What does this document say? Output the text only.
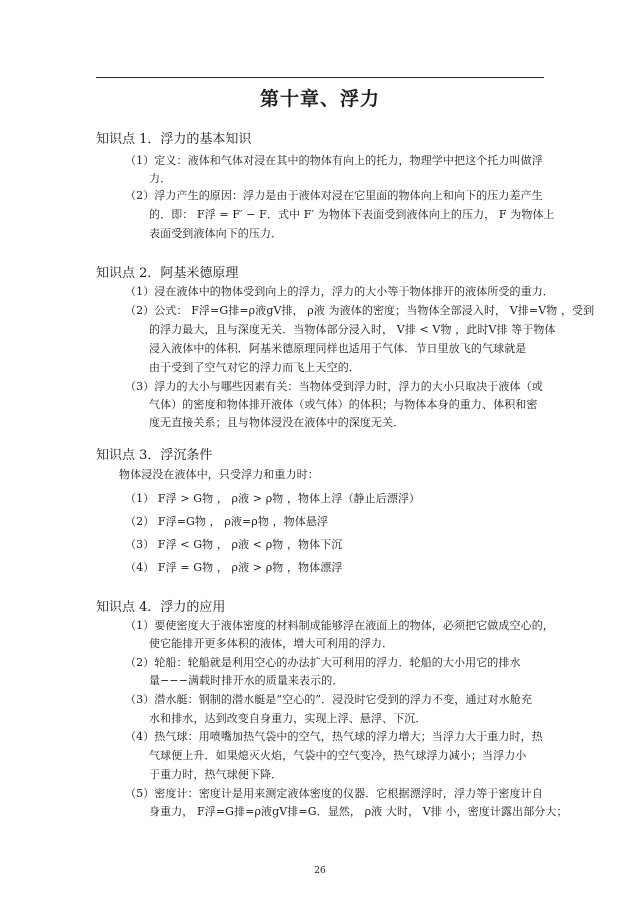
第十章、浮力
知识点 1．浮力的基本知识
（1）定义：液体和气体对浸在其中的物体有向上的托力，物理学中把这个托力叫做浮
力．
（2）浮力产生的原因：浮力是由于液体对浸在它里面的物体向上和向下的压力差产生
的．即： F浮 = F′ − F．式中 F′ 为物体下表面受到液体向上的压力， F 为物体上
表面受到液体向下的压力．
知识点 2．阿基米德原理
（1）浸在液体中的物体受到向上的浮力，浮力的大小等于物体排开的液体所受的重力．
（2）公式： F浮=G排=ρ液gV排， ρ液 为液体的密度；当物体全部浸入时， V排=V物 ，受到
的浮力最大，且与深度无关．当物体部分浸入时， V排 < V物 ，此时V排 等于物体
浸入液体中的体积．阿基米德原理同样也适用于气体．节日里放飞的气球就是
由于受到了空气对它的浮力而飞上天空的．
（3）浮力的大小与哪些因素有关：当物体受到浮力时，浮力的大小只取决于液体（或
气体）的密度和物体排开液体（或气体）的体积；与物体本身的重力、体积和密
度无直接关系；且与物体浸没在液体中的深度无关．
知识点 3．浮沉条件
物体浸没在液体中，只受浮力和重力时：
（1） F浮 > G物 ， ρ液 > ρ物 ，物体上浮（静止后漂浮）
（2） F浮=G物 ， ρ液=ρ物 ，物体悬浮
（3） F浮 < G物 ， ρ液 < ρ物 ，物体下沉
（4） F浮 = G物 ， ρ液 > ρ物 ，物体漂浮
知识点 4．浮力的应用
（1）要使密度大于液体密度的材料制成能够浮在液面上的物体，必须把它做成空心的，
使它能排开更多体积的液体，增大可利用的浮力．
（2）轮船：轮船就是利用空心的办法扩大可利用的浮力．轮船的大小用它的排水
量−−−满载时排开水的质量来表示的．
（3）潜水艇：钢制的潜水艇是“空心的”．浸没时它受到的浮力不变，通过对水舱充
水和排水，达到改变自身重力，实现上浮、悬浮、下沉．
（4）热气球：用喷嘴加热气袋中的空气，热气球的浮力增大；当浮力大于重力时，热
气球便上升．如果熄灭火焰，气袋中的空气变冷，热气球浮力减小；当浮力小
于重力时，热气球便下降．
（5）密度计：密度计是用来测定液体密度的仪器．它根据漂浮时，浮力等于密度计自
身重力， F浮=G排=ρ液gV排=G．显然， ρ液 大时， V排 小，密度计露出部分大；
26
